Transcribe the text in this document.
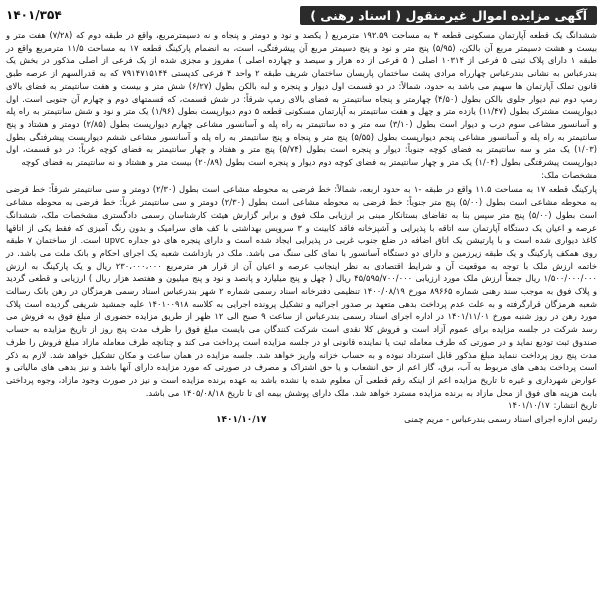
آگهی مزایده اموال غیرمنقول ( اسناد رهنی )
۱۴۰۱/۳۵۴

ششدانگ یک قطعه آپارتمان مسکونی قطعه ۴ به مساحت ۱۹۲.۵۹ مترمربع ( یکصد و نود و دومتر و پنجاه و نه دسیمترمربع، واقع در طبقه دوم که (۷/۲۸) هفت متر و بیست و هشت دسیمتر مربع آن بالکن، (۵/۹۵) پنج متر و نود و پنج دسیمتر مربع آن پیشرفتگی، است، به انضمام پارکینگ قطعه ۱۷ به مساحت ۱۱/۵ مترمربع واقع در طبقه ۱ دارای پلاک ثبتی ۵ فرعی از ۱۰۳۱۴ اصلی ( ۵ فرعی از ده هزار و سیصد و چهارده اصلی ) مفروز و مجزی شده از یک فرعی از اصلی مذکور در بخش یک بندرعباس به نشانی بندرعباس چهارراه مرادی پشت ساختمان پاریسان ساختمان شریف طبقه ۲ واحد ۴ فرعی کدپستی ۷۹۱۴۷۱۵۱۴۴ که به قدرالسهم از عرصه طبق قانون تملک آپارتمان ها سهیم می باشد به حدود، شمالاً: در دو قسمت اول دیوار و پنجره و لبه بالکن بطول (۶/۲۷) شش متر و بیست و هفت سانتیمتر به فضای بالای رمپ دوم نیم دیوار جلوی بالکن بطول (۴/۵۰) چهارمتر و پنجاه سانتیمتر به فضای بالای رمپ شرقاً: در شش قسمت، که قسمتهای دوم و چهارم آن جنوبی است. اول دیوارپست مشترک بطول (۱۱/۴۷) یازده متر و چهل و هفت سانتیمتر به آپارتمان مسکونی قطعه ۵ دوم دیوارپست بطول (۱/۹۶) یک متر و نود و شش سانتیمتر به راه پله و آسانسور مشاعی سوم درب و دیوار است بطول (۳/۱۰) سه متر و ده سانتیمتر به راه پله و آسانسور مشاعی چهارم دیوارپست بطول (۲/۸۵) دومتر و هشتاد و پنج سانتیمتر به راه پله و آسانسور مشاعی پنجم دیوارپست بطول (۵/۵۵) پنج متر و پنجاه و پنج سانتیمتر به راه پله و آسانسور مشاعی ششم دیوارپست پیشرفتگی بطول (۱/۰۳) یک متر و سه سانتیمتر به فضای کوچه جنوباً: دیوار و پنجره است بطول (۵/۷۴) پنج متر و هفتاد و چهار سانتیمتر به فضای کوچه غرباً: در دو قسمت، اول دیوارپست پیشرفتگی بطول (۱/۰۴) یک متر و چهار سانتیمتر به فضای کوچه دوم دیوار و پنجره است بطول (۲۰/۸۹) بیست متر و هشتاد و نه سانتیمتر به فضای کوچه
مشخصات ملک:

پارکینگ قطعه ۱۷ به مساحت ۱۱.۵ واقع در طبقه -۱ به حدود اربعه، شمالاً: خط فرضی به محوطه مشاعی است بطول (۲/۳۰) دومتر و سی سانتیمتر شرقاً: خط فرضی به محوطه مشاعی است بطول (۵/۰۰) پنج متر جنوباً: خط فرضی به محوطه مشاعی است بطول (۲/۳۰) دومتر و سی سانتیمتر غرباً: خط فرضی به محوطه مشاعی است بطول (۵/۰۰) پنج متر سپس بنا به تقاضای بستانکار مبنی بر ارزیابی ملک فوق و برابر گزارش هیئت کارشناسان رسمی دادگستری مشخصات ملک، ششدانگ عرصه و اعیان یک دستگاه آپارتمان سه اتاقه با پذیرایی و آشپزخانه فاقد کابینت و ۳ سرویس بهداشتی با کف های سرامیک و بدون رنگ آمیزی که فقط یکی از اتاقها کاغذ دیواری شده است و با پارتیشن یک اتاق اضافه در ضلع جنوب غربی در پذیرایی ایجاد شده است و دارای پنجره های دو جداره upvc است. از ساختمان ۷ طبقه روی همکف پارکینگ و یک طبقه زیرزمین و دارای دو دستگاه آسانسور با نمای کلی سنگ می باشد. ملک در بازداشت شعبه یک اجرای احکام و بانک ملت می باشد. در خاتمه ارزش ملک با توجه به موقعیت آن و شرایط اقتصادی به نظر اینجانب عرصه و اعیان آن از قرار هر مترمربع ۲۳۰،۰۰۰،۰۰۰ ریال و یک پارکینگ به ارزش ۱/۵۰۰/۰۰۰/۰۰۰ ریال جمعاً ارزش ملک مورد ارزیابی ۴۵/۵۹۵/۷۰۰/۰۰۰ ریال ( چهل و پنج میلیارد و پانصد و نود و پنج میلیون و هفتصد هزار ریال ) ارزیابی و قطعی گردید و پلاک فوق به موجب سند رهنی شماره ۸۹۶۶۵ مورخ ۱۴۰۰/۰۸/۱۹ تنظیمی دفترخانه اسناد رسمی شماره ۲ شهر بندرعباس اسناد رسمی هرمزگان در رهن بانک رسالت شعبه هرمزگان قرارگرفته و به علت عدم پرداخت بدهی متعهد بر صدور اجرائیه و تشکیل پرونده اجرایی به کلاسه ۱۴۰۱۰۰۹۱۸ علیه جمشید شریفی گردیده است پلاک مورد رهن در روز شنبه مورخ ۱۴۰۱/۱۱/۰۱ در اداره اجرای اسناد رسمی بندرعباس از ساعت ۹ صبح الی ۱۲ ظهر از طریق مزایده حضوری از مبلغ فوق به فروش می رسد شرکت در جلسه مزایده برای عموم آزاد است و فروش کلا نقدی است شرکت کنندگان می بایست مبلغ فوق را ظرف مدت پنج روز از تاریخ مزایده به حساب صندوق ثبت تودیع نماید و در صورتی که طرف معامله ثبت یا نماینده قانونی او در جلسه مزایده است پرداخت می کند و چنانچه طرف معامله مازاد مبلغ فروش را ظرف مدت پنج روز پرداخت ننماید مبلغ مذکور قابل استرداد نبوده و به حساب خزانه واریز خواهد شد. جلسه مزایده در همان ساعت و مکان تشکیل خواهد شد. لازم به ذکر است پرداخت بدهی های مربوط به آب، برق، گاز اعم از حق انشعاب و یا حق اشتراک و مصرف در صورتی که مورد مزایده دارای آنها باشد و نیز بدهی های مالیاتی و عوارض شهرداری و غیره تا تاریخ مزایده اعم از اینکه رقم قطعی آن معلوم شده یا نشده باشد به عهده برنده مزایده است و نیز در صورت وجود مازاد، وجوه پرداختی بابت هزینه های فوق از محل مازاد به برنده مزایده مسترد خواهد شد. ملک دارای پوشش بیمه ای تا تاریخ ۱۴۰۵/۰۸/۱۸ می باشد.

تاریخ انتشار:
۱۴۰۱/۱۰/۱۷
رئیس اداره اجرای اسناد رسمی بندرعباس - مریم چمنی
۱۴۰۱/۱۰/۱۷
